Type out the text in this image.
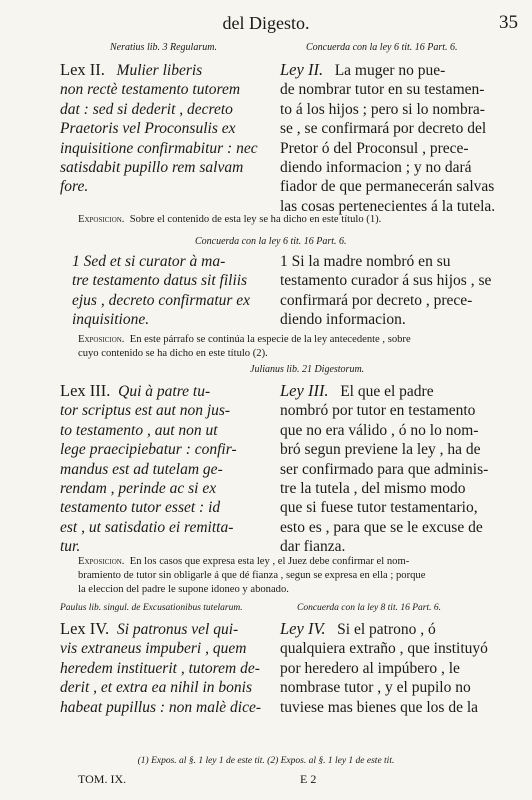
del Digesto.	35
Neratius lib. 3 Regularum.	Concuerda con la ley 6 tit. 16 Part. 6.
Lex II. Mulier liberis
non rectè testamento tutorem
dat : sed si dederit , decreto
Praetoris vel Proconsulis ex
inquisitione confirmabitur : nec
satisdabit pupillo rem salvam
fore.
Ley II. La muger no pue-
de nombrar tutor en su testamen-
to á los hijos ; pero si lo nombra-
se , se confirmará por decreto del
Pretor ó del Proconsul , prece-
diendo informacion ; y no dará
fiador de que permanecerán salvas
las cosas pertenecientes á la tutela.
Exposicion. Sobre el contenido de esta ley se ha dicho en este título (1).
Concuerda con la ley 6 tit. 16 Part. 6.
1 Sed et si curator à ma-
tre testamento datus sit filiis
ejus , decreto confirmatur ex
inquisitione.
1 Si la madre nombró en su
testamento curador á sus hijos , se
confirmará por decreto , prece-
diendo informacion.
Exposicion. En este párrafo se continúa la especie de la ley antecedente , sobre
cuyo contenido se ha dicho en este título (2).
Julianus lib. 21 Digestorum.
Lex III. Qui à patre tu-
tor scriptus est aut non jus-
to testamento , aut non ut
lege praecipiebatur : confir-
mandus est ad tutelam ge-
rendam , perinde ac si ex
testamento tutor esset : id
est , ut satisdatio ei remitta-
tur.
Ley III. El que el padre
nombró por tutor en testamento
que no era válido , ó no lo nom-
bró segun previene la ley , ha de
ser confirmado para que adminis-
tre la tutela , del mismo modo
que si fuese tutor testamentario,
esto es , para que se le excuse de
dar fianza.
Exposicion. En los casos que expresa esta ley , el Juez debe confirmar el nom-
bramiento de tutor sin obligarle á que dé fianza , segun se expresa en ella ; porque
la eleccion del padre le supone idoneo y abonado.
Paulus lib. singul. de Excusationibus tutelarum.	Concuerda con la ley 8 tit. 16 Part. 6.
Lex IV. Si patronus vel qui-
vis extraneus impuberi , quem
heredem instituerit , tutorem de-
derit , et extra ea nihil in bonis
habeat pupillus : non malè dice-
Ley IV. Si el patrono , ó
qualquiera extraño , que instituyó
por heredero al impúbero , le
nombrase tutor , y el pupilo no
tuviese mas bienes que los de la
(1) Expos. al §. 1 ley 1 de este tit. (2) Expos. al §. 1 ley 1 de este tit.
TOM. IX.	E 2
